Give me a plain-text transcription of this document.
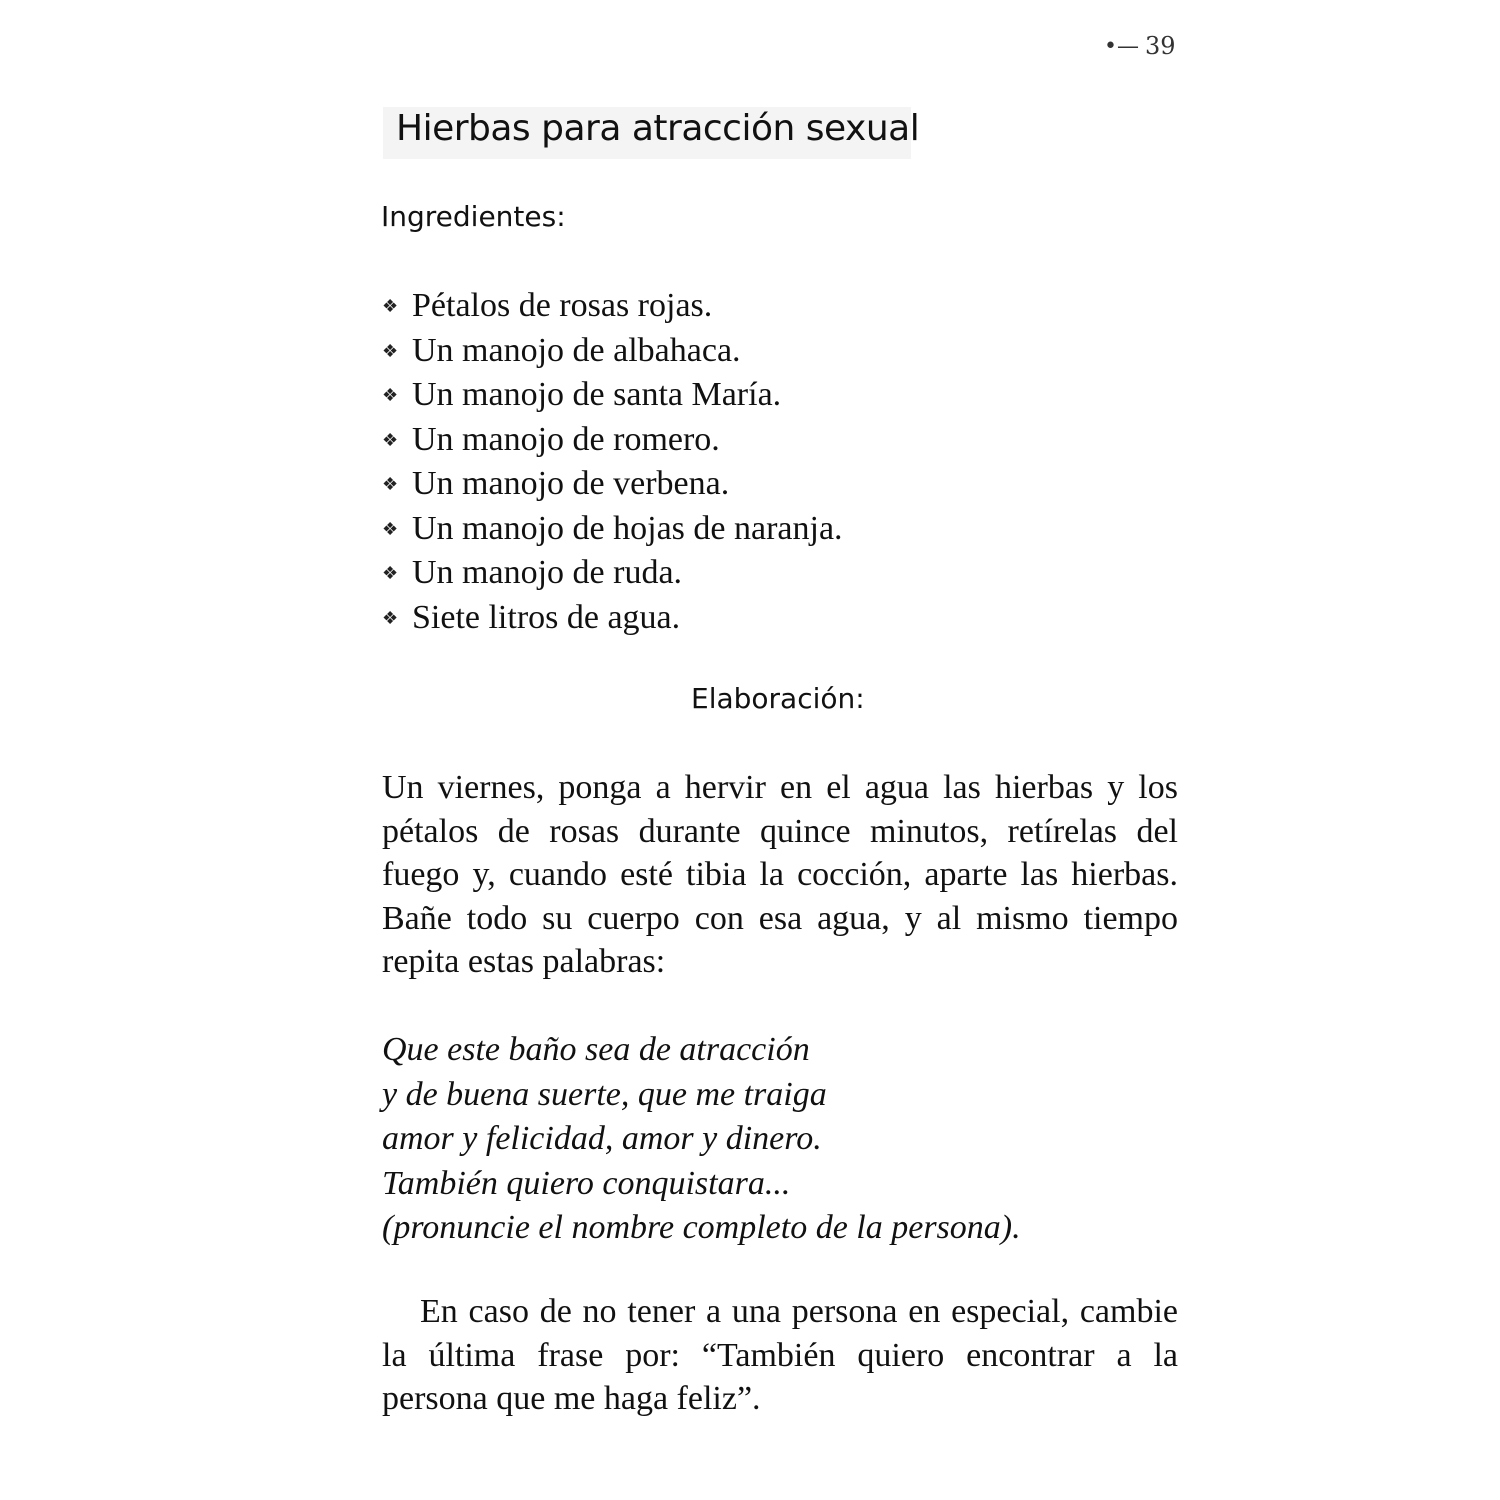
•— 39
Hierbas para atracción sexual
Ingredientes:
❖ Pétalos de rosas rojas.
❖ Un manojo de albahaca.
❖ Un manojo de santa María.
❖ Un manojo de romero.
❖ Un manojo de verbena.
❖ Un manojo de hojas de naranja.
❖ Un manojo de ruda.
❖ Siete litros de agua.
Elaboración:

Un viernes, ponga a hervir en el agua las hierbas y los pétalos de rosas durante quince minutos, retírelas del fuego y, cuando esté tibia la cocción, aparte las hierbas. Bañe todo su cuerpo con esa agua, y al mismo tiempo repita estas palabras:

Que este baño sea de atracción
y de buena suerte, que me traiga
amor y felicidad, amor y dinero.
También quiero conquistara...
(pronuncie el nombre completo de la persona).

En caso de no tener a una persona en especial, cambie la última frase por: “También quiero encontrar a la persona que me haga feliz”.
